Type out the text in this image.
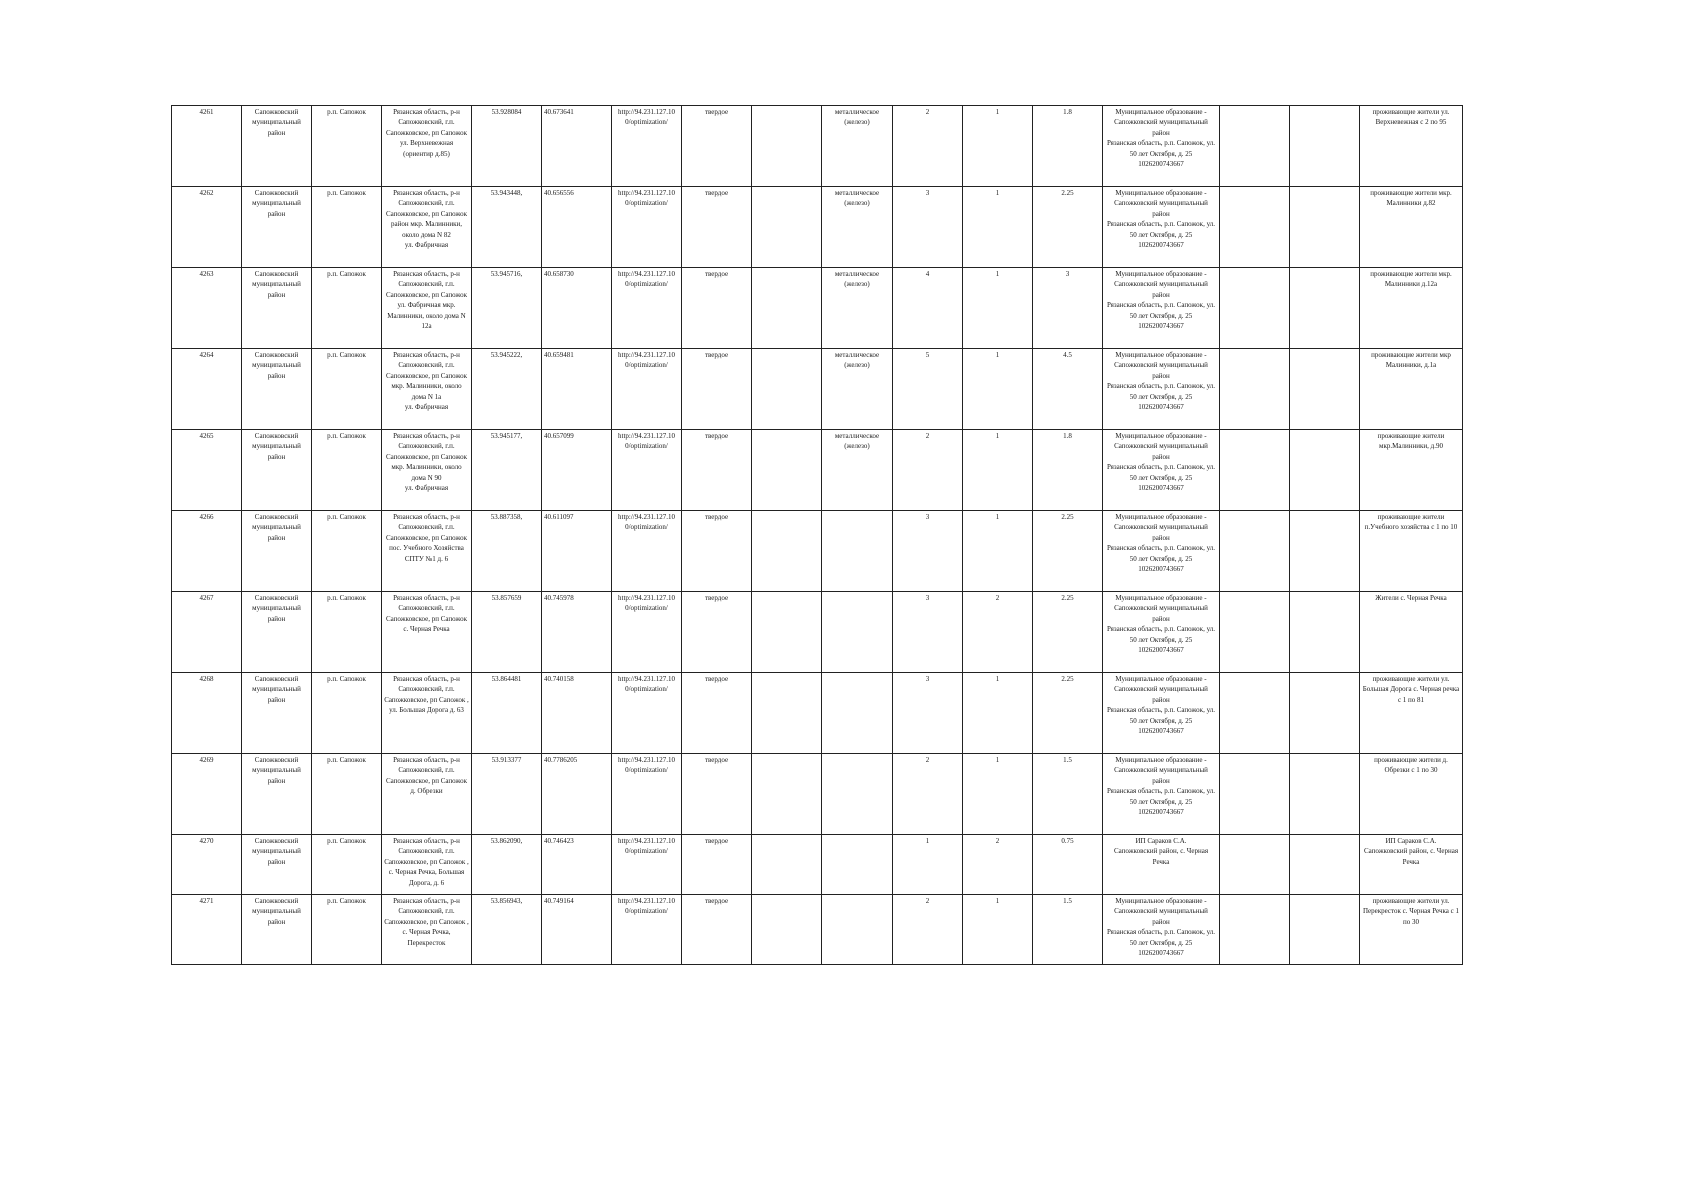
4261	Сапожковский муниципальный район	р.п. Сапожок	Рязанская область, р-н Сапожковский, г.п. Сапожковское, рп Сапожок ул. Верхневежная (ориентир д.85)	53.928084	40.673641	http://94.231.127.10 0/optimization/	твердое		металлическое (железо)	2	1	1.8	Муниципальное образование - Сапожковский муниципальный район
Рязанская область, р.п. Сапожок, ул. 50 лет Октября, д. 25
1026200743667			проживающие жители ул. Верхневежная с 2 по 95
4262	Сапожковский муниципальный район	р.п. Сапожок	Рязанская область, р-н Сапожковский, г.п. Сапожковское, рп Сапожок район мкр. Малинники, около дома N 82
ул. Фабричная	53.943448,	40.656556	http://94.231.127.10 0/optimization/	твердое		металлическое (железо)	3	1	2.25	Муниципальное образование - Сапожковский муниципальный район
Рязанская область, р.п. Сапожок, ул. 50 лет Октября, д. 25
1026200743667			проживающие жители мкр. Малинники д.82
4263	Сапожковский муниципальный район	р.п. Сапожок	Рязанская область, р-н Сапожковский, г.п. Сапожковское, рп Сапожок ул. Фабричная мкр. Малинники, около дома N 12а	53.945716,	40.658730	http://94.231.127.10 0/optimization/	твердое		металлическое (железо)	4	1	3	Муниципальное образование - Сапожковский муниципальный район
Рязанская область, р.п. Сапожок, ул. 50 лет Октября, д. 25
1026200743667			проживающие жители мкр. Малинники д.12а
4264	Сапожковский муниципальный район	р.п. Сапожок	Рязанская область, р-н Сапожковский, г.п. Сапожковское, рп Сапожок мкр. Малинники, около дома N 1а
ул. Фабричная	53.945222,	40.659481	http://94.231.127.10 0/optimization/	твердое		металлическое (железо)	5	1	4.5	Муниципальное образование - Сапожковский муниципальный район
Рязанская область, р.п. Сапожок, ул. 50 лет Октября, д. 25
1026200743667			проживающие жители мкр Малинники, д.1а
4265	Сапожковский муниципальный район	р.п. Сапожок	Рязанская область, р-н Сапожковский, г.п. Сапожковское, рп Сапожок мкр. Малинники, около дома N 90
ул. Фабричная	53.945177,	40.657099	http://94.231.127.10 0/optimization/	твердое		металлическое (железо)	2	1	1.8	Муниципальное образование - Сапожковский муниципальный район
Рязанская область, р.п. Сапожок, ул. 50 лет Октября, д. 25
1026200743667			проживающие жители мкр.Малинники, д.90
4266	Сапожковский муниципальный район	р.п. Сапожок	Рязанская область, р-н Сапожковский, г.п. Сапожковское, рп Сапожок пос. Учебного Хозяйства СПТУ №1 д. 6	53.887358,	40.611097	http://94.231.127.10 0/optimization/	твердое			3	1	2.25	Муниципальное образование - Сапожковский муниципальный район
Рязанская область, р.п. Сапожок, ул. 50 лет Октября, д. 25
1026200743667			проживающие жители п.Учебного хозяйства с 1 по 10
4267	Сапожковский муниципальный район	р.п. Сапожок	Рязанская область, р-н Сапожковский, г.п. Сапожковское, рп Сапожок с. Черная Речка	53.857659	40.745978	http://94.231.127.10 0/optimization/	твердое			3	2	2.25	Муниципальное образование - Сапожковский муниципальный район
Рязанская область, р.п. Сапожок, ул. 50 лет Октября, д. 25
1026200743667			Жители с. Черная Речка
4268	Сапожковский муниципальный район	р.п. Сапожок	Рязанская область, р-н Сапожковский, г.п. Сапожковское, рп Сапожок , ул. Большая Дорога д. 63	53.864481	40.740158	http://94.231.127.10 0/optimization/	твердое			3	1	2.25	Муниципальное образование - Сапожковский муниципальный район
Рязанская область, р.п. Сапожок, ул. 50 лет Октября, д. 25
1026200743667			проживающие жители ул. Большая Дорога с. Черная речка с 1 по 81
4269	Сапожковский муниципальный район	р.п. Сапожок	Рязанская область, р-н Сапожковский, г.п. Сапожковское, рп Сапожок д. Обрезки	53.913377	40.7786205	http://94.231.127.10 0/optimization/	твердое			2	1	1.5	Муниципальное образование - Сапожковский муниципальный район
Рязанская область, р.п. Сапожок, ул. 50 лет Октября, д. 25
1026200743667			проживающие жители д. Обрезки с 1 по 30
4270	Сапожковский муниципальный район	р.п. Сапожок	Рязанская область, р-н Сапожковский, г.п. Сапожковское, рп Сапожок , с. Черная Речка, Большая Дорога, д. 6	53.862090,	40.746423	http://94.231.127.10 0/optimization/	твердое			1	2	0.75	ИП Сараков С.А.
Сапожковский район, с. Черная Речка			ИП Сараков С.А.
Сапожковский район, с. Черная Речка
4271	Сапожковский муниципальный район	р.п. Сапожок	Рязанская область, р-н Сапожковский, г.п. Сапожковское, рп Сапожок , с. Черная Речка, Перекресток	53.856943,	40.749164	http://94.231.127.10 0/optimization/	твердое			2	1	1.5	Муниципальное образование - Сапожковский муниципальный район
Рязанская область, р.п. Сапожок, ул. 50 лет Октября, д. 25
1026200743667			проживающие жители ул. Перекресток с. Черная Речка с 1 по 30
